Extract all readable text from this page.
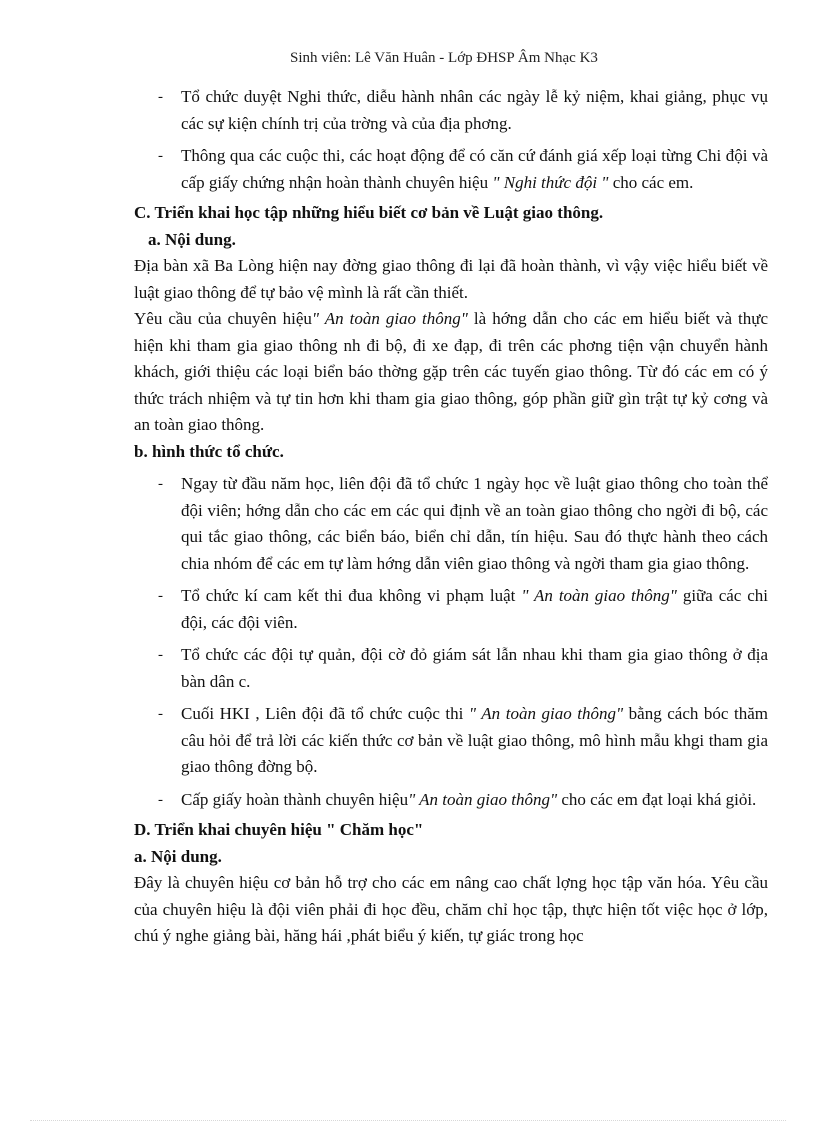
Sinh viên: Lê Văn Huân - Lớp ĐHSP Âm Nhạc K3

- Tổ chức duyệt Nghi thức, diễu hành nhân các ngày lễ kỷ niệm, khai giảng, phục vụ các sự kiện chính trị của trờng và của địa phơng.

- Thông qua các cuộc thi, các hoạt động để có căn cứ đánh giá xếp loại từng Chi đội và cấp giấy chứng nhận hoàn thành chuyên hiệu " Nghi thức đội " cho các em.

C. Triển khai học tập những hiểu biết cơ bản về Luật giao thông.

a. Nội dung.

Địa bàn xã Ba Lòng hiện nay đờng giao thông đi lại đã hoàn thành, vì vậy việc hiểu biết về luật giao thông để tự bảo vệ mình là rất cần thiết.

Yêu cầu của chuyên hiệu" An toàn giao thông" là hớng dẫn cho các em hiểu biết và thực hiện khi tham gia giao thông nh đi bộ, đi xe đạp, đi trên các phơng tiện vận chuyển hành khách, giới thiệu các loại biển báo thờng gặp trên các tuyến giao thông. Từ đó các em có ý thức trách nhiệm và tự tin hơn khi tham gia giao thông, góp phần giữ gìn trật tự kỷ cơng và an toàn giao thông.

b. hình thức tổ chức.

- Ngay từ đầu năm học, liên đội đã tổ chức 1 ngày học về luật giao thông cho toàn thể đội viên; hớng dẫn cho các em các qui định về an toàn giao thông cho ngời đi bộ, các qui tắc giao thông, các biển báo, biển chỉ dẫn, tín hiệu. Sau đó thực hành theo cách chia nhóm để các em tự làm hớng dẫn viên giao thông và ngời tham gia giao thông.

- Tổ chức kí cam kết thi đua không vi phạm luật " An toàn giao thông" giữa các chi đội, các đội viên.

- Tổ chức các đội tự quản, đội cờ đỏ giám sát lẫn nhau khi tham gia giao thông ở địa bàn dân c.

- Cuối HKI , Liên đội đã tổ chức cuộc thi " An toàn giao thông" bằng cách bóc thăm câu hỏi để trả lời các kiến thức cơ bản về luật giao thông, mô hình mẫu khgi tham gia giao thông đờng bộ.

- Cấp giấy hoàn thành chuyên hiệu" An toàn giao thông" cho các em đạt loại khá giỏi.

D. Triển khai chuyên hiệu " Chăm học"

a. Nội dung.

Đây là chuyên hiệu cơ bản hỗ trợ cho các em nâng cao chất lợng học tập văn hóa. Yêu cầu của chuyên hiệu là đội viên phải đi học đều, chăm chỉ học tập, thực hiện tốt việc học ở lớp, chú ý nghe giảng bài, hăng hái ,phát biểu ý kiến, tự giác trong học
